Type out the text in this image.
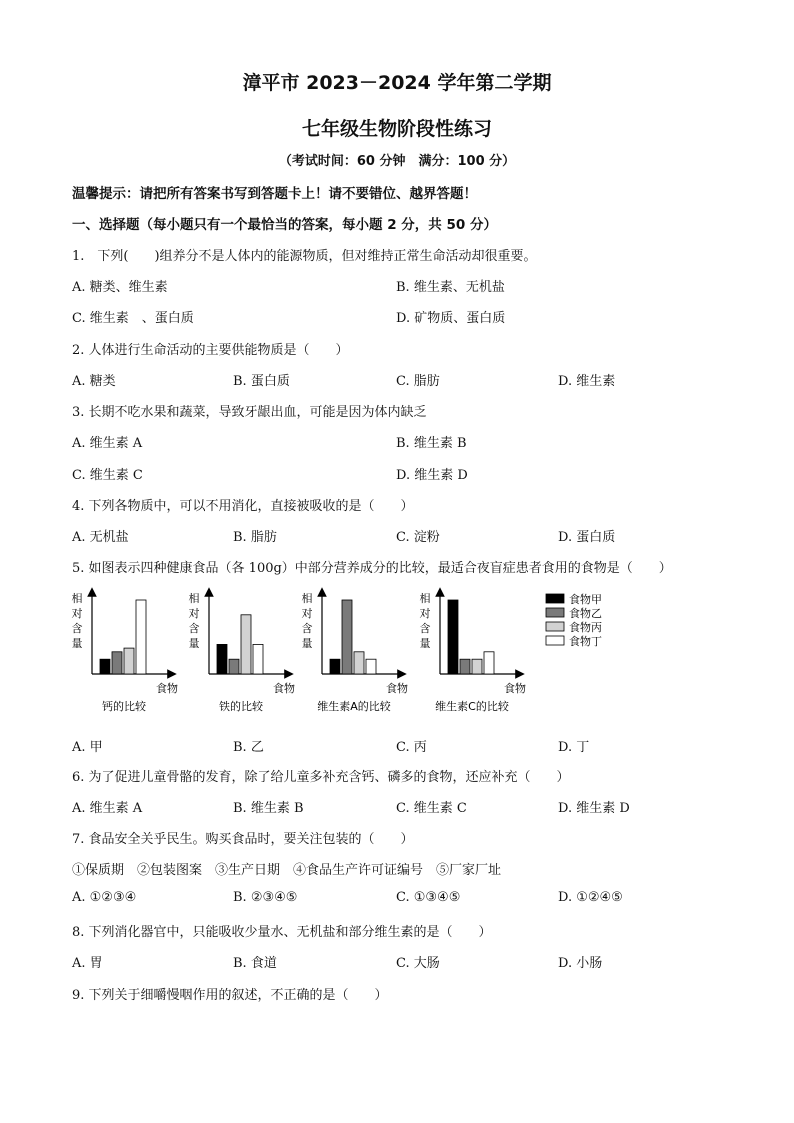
漳平市 2023－2024 学年第二学期
七年级生物阶段性练习
（考试时间：60 分钟　满分：100 分）
温馨提示：请把所有答案书写到答题卡上！请不要错位、越界答题！
一、选择题（每小题只有一个最恰当的答案，每小题 2 分，共 50 分）
1.　下列(　　)组养分不是人体内的能源物质，但对维持正常生命活动却很重要。
A. 糖类、维生素	B. 维生素、无机盐
C. 维生素　、蛋白质	D. 矿物质、蛋白质
2. 人体进行生命活动的主要供能物质是（　　）
A. 糖类	B. 蛋白质	C. 脂肪	D. 维生素
3. 长期不吃水果和蔬菜，导致牙龈出血，可能是因为体内缺乏
A. 维生素 A	B. 维生素 B
C. 维生素 C	D. 维生素 D
4. 下列各物质中，可以不用消化，直接被吸收的是（　　）
A. 无机盐	B. 脂肪	C. 淀粉	D. 蛋白质
5. 如图表示四种健康食品（各 100g）中部分营养成分的比较，最适合夜盲症患者食用的食物是（　　）
相
对
含
量
食物
钙的比较
相
对
含
量
食物
铁的比较
相
对
含
量
食物
维生素A的比较
相
对
含
量
食物
维生素C的比较
食物甲
食物乙
食物丙
食物丁
A. 甲	B. 乙	C. 丙	D. 丁
6. 为了促进儿童骨骼的发育，除了给儿童多补充含钙、磷多的食物，还应补充（　　）
A. 维生素 A	B. 维生素 B	C. 维生素 C	D. 维生素 D
7. 食品安全关乎民生。购买食品时，要关注包装的（　　）
①保质期　②包装图案　③生产日期　④食品生产许可证编号　⑤厂家厂址
A. ①②③④	B. ②③④⑤	C. ①③④⑤	D. ①②④⑤
8. 下列消化器官中，只能吸收少量水、无机盐和部分维生素的是（　　）
A. 胃	B. 食道	C. 大肠	D. 小肠
9. 下列关于细嚼慢咽作用的叙述，不正确的是（　　）
